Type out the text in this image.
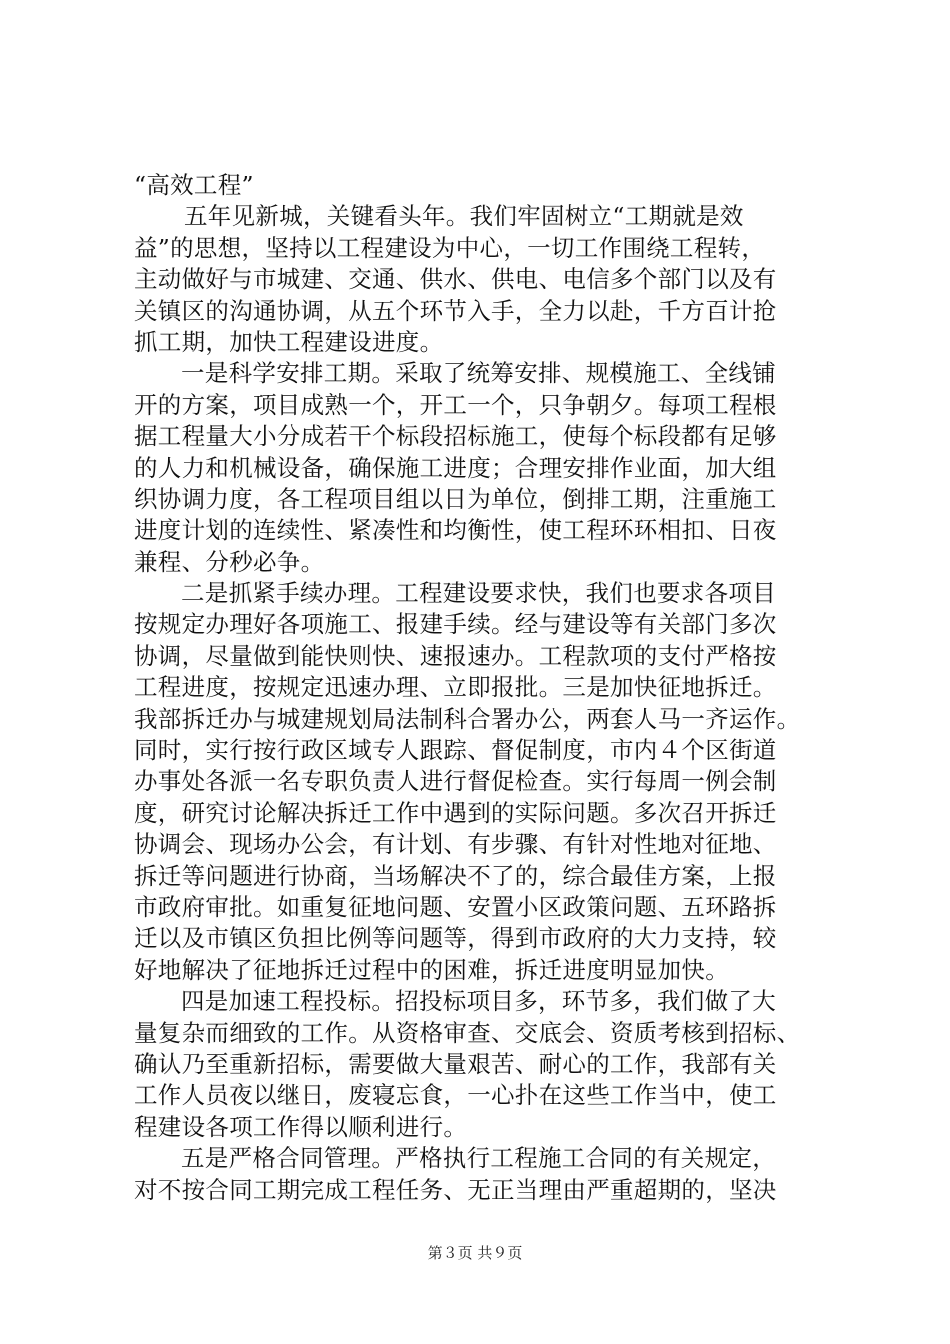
“高效工程”
五年见新城，关键看头年。我们牢固树立“工期就是效
益”的思想，坚持以工程建设为中心，一切工作围绕工程转，
主动做好与市城建、交通、供水、供电、电信多个部门以及有
关镇区的沟通协调，从五个环节入手，全力以赴，千方百计抢
抓工期，加快工程建设进度。
一是科学安排工期。采取了统筹安排、规模施工、全线铺
开的方案，项目成熟一个，开工一个，只争朝夕。每项工程根
据工程量大小分成若干个标段招标施工，使每个标段都有足够
的人力和机械设备，确保施工进度；合理安排作业面，加大组
织协调力度，各工程项目组以日为单位，倒排工期，注重施工
进度计划的连续性、紧凑性和均衡性，使工程环环相扣、日夜
兼程、分秒必争。
二是抓紧手续办理。工程建设要求快，我们也要求各项目
按规定办理好各项施工、报建手续。经与建设等有关部门多次
协调，尽量做到能快则快、速报速办。工程款项的支付严格按
工程进度，按规定迅速办理、立即报批。三是加快征地拆迁。
我部拆迁办与城建规划局法制科合署办公，两套人马一齐运作。
同时，实行按行政区域专人跟踪、督促制度，市内４个区街道
办事处各派一名专职负责人进行督促检查。实行每周一例会制
度，研究讨论解决拆迁工作中遇到的实际问题。多次召开拆迁
协调会、现场办公会，有计划、有步骤、有针对性地对征地、
拆迁等问题进行协商，当场解决不了的，综合最佳方案，上报
市政府审批。如重复征地问题、安置小区政策问题、五环路拆
迁以及市镇区负担比例等问题等，得到市政府的大力支持，较
好地解决了征地拆迁过程中的困难，拆迁进度明显加快。
四是加速工程投标。招投标项目多，环节多，我们做了大
量复杂而细致的工作。从资格审查、交底会、资质考核到招标、
确认乃至重新招标，需要做大量艰苦、耐心的工作，我部有关
工作人员夜以继日，废寝忘食，一心扑在这些工作当中，使工
程建设各项工作得以顺利进行。
五是严格合同管理。严格执行工程施工合同的有关规定，
对不按合同工期完成工程任务、无正当理由严重超期的，坚决
第３页 共９页
